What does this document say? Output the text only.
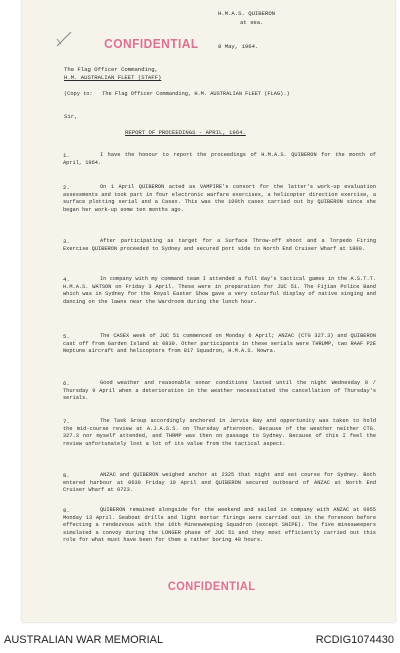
H.M.A.S. QUIBERON
at sea.
CONFIDENTIAL	8 May, 1964.
The Flag Officer Commanding,
H.M. AUSTRALIAN FLEET (STAFF)
(Copy to:   The Flag Officer Commanding, H.M. AUSTRALIAN FLEET (FLAG).)
Sir,
REPORT OF PROCEEDINGS - APRIL, 1964.
1.	I have the honour to report the proceedings of H.M.A.S. QUIBERON for the month of April, 1964.
2.	On 1 April QUIBERON acted as VAMPIRE's consort for the latter's work-up evaluation assessments and took part in four electronic warfare exercises, a helicopter direction exercise, a surface plotting serial and a Casex. This was the 100th casex carried out by QUIBERON since she began her work-up some ten months ago.
3.	After participating as target for a Surface Throw-off shoot and a Torpedo Firing Exercise QUIBERON proceeded to Sydney and secured port side to North End Cruiser Wharf at 1800.
4.	In company with my command team I attended a full day's tactical games in the A.S.T.T. H.M.A.S. WATSON on Friday 3 April. These were in preparation for JUC 51. The Fijian Police Band which was in Sydney for the Royal Easter Show gave a very colourful display of native singing and dancing on the lawns near the Wardroom during the lunch hour.
5.	The CASEX week of JUC 51 commenced on Monday 6 April; ANZAC (CTG 327.3) and QUIBERON cast off from Garden Island at 0830. Other participants in these serials were THRUMP, two RAAF P2E Neptune aircraft and helicopters from 817 Squadron, H.M.A.S. Nowra.
6.	Good weather and reasonable sonar conditions lasted until the night Wednesday 8 / Thursday 9 April when a deterioration in the weather necessitated the cancellation of Thursday's serials.
7.	The Task Group accordingly anchored in Jervis Bay and opportunity was taken to hold the mid-course review at A.J.A.S.S. on Thursday afternoon. Because of the weather neither CTG. 327.3 nor myself attended, and THRMP was then on passage to Sydney. Because of this I feel the review unfortunately lost a lot of its value from the tactical aspect.
8.	ANZAC and QUIBERON weighed anchor at 2325 that night and set course for Sydney. Both entered harbour at 0630 Friday 10 April and QUIBERON secured outboard of ANZAC at North End Cruiser Wharf at 0723.
9.	QUIBERON remained alongside for the weekend and sailed in company with ANZAC at 0955 Monday 13 April. Seaboat drills and light mortar firings were carried out in the forenoon before effecting a rendezvous with the 16th Minesweeping Squadron (except SNIPE). The five minesweepers simulated a convoy during the LONGER phase of JUC 51 and they most efficiently carried out this role for what must have been for them a rather boring 48 hours.
CONFIDENTIAL
AUSTRALIAN WAR MEMORIAL	RCDIG1074430
